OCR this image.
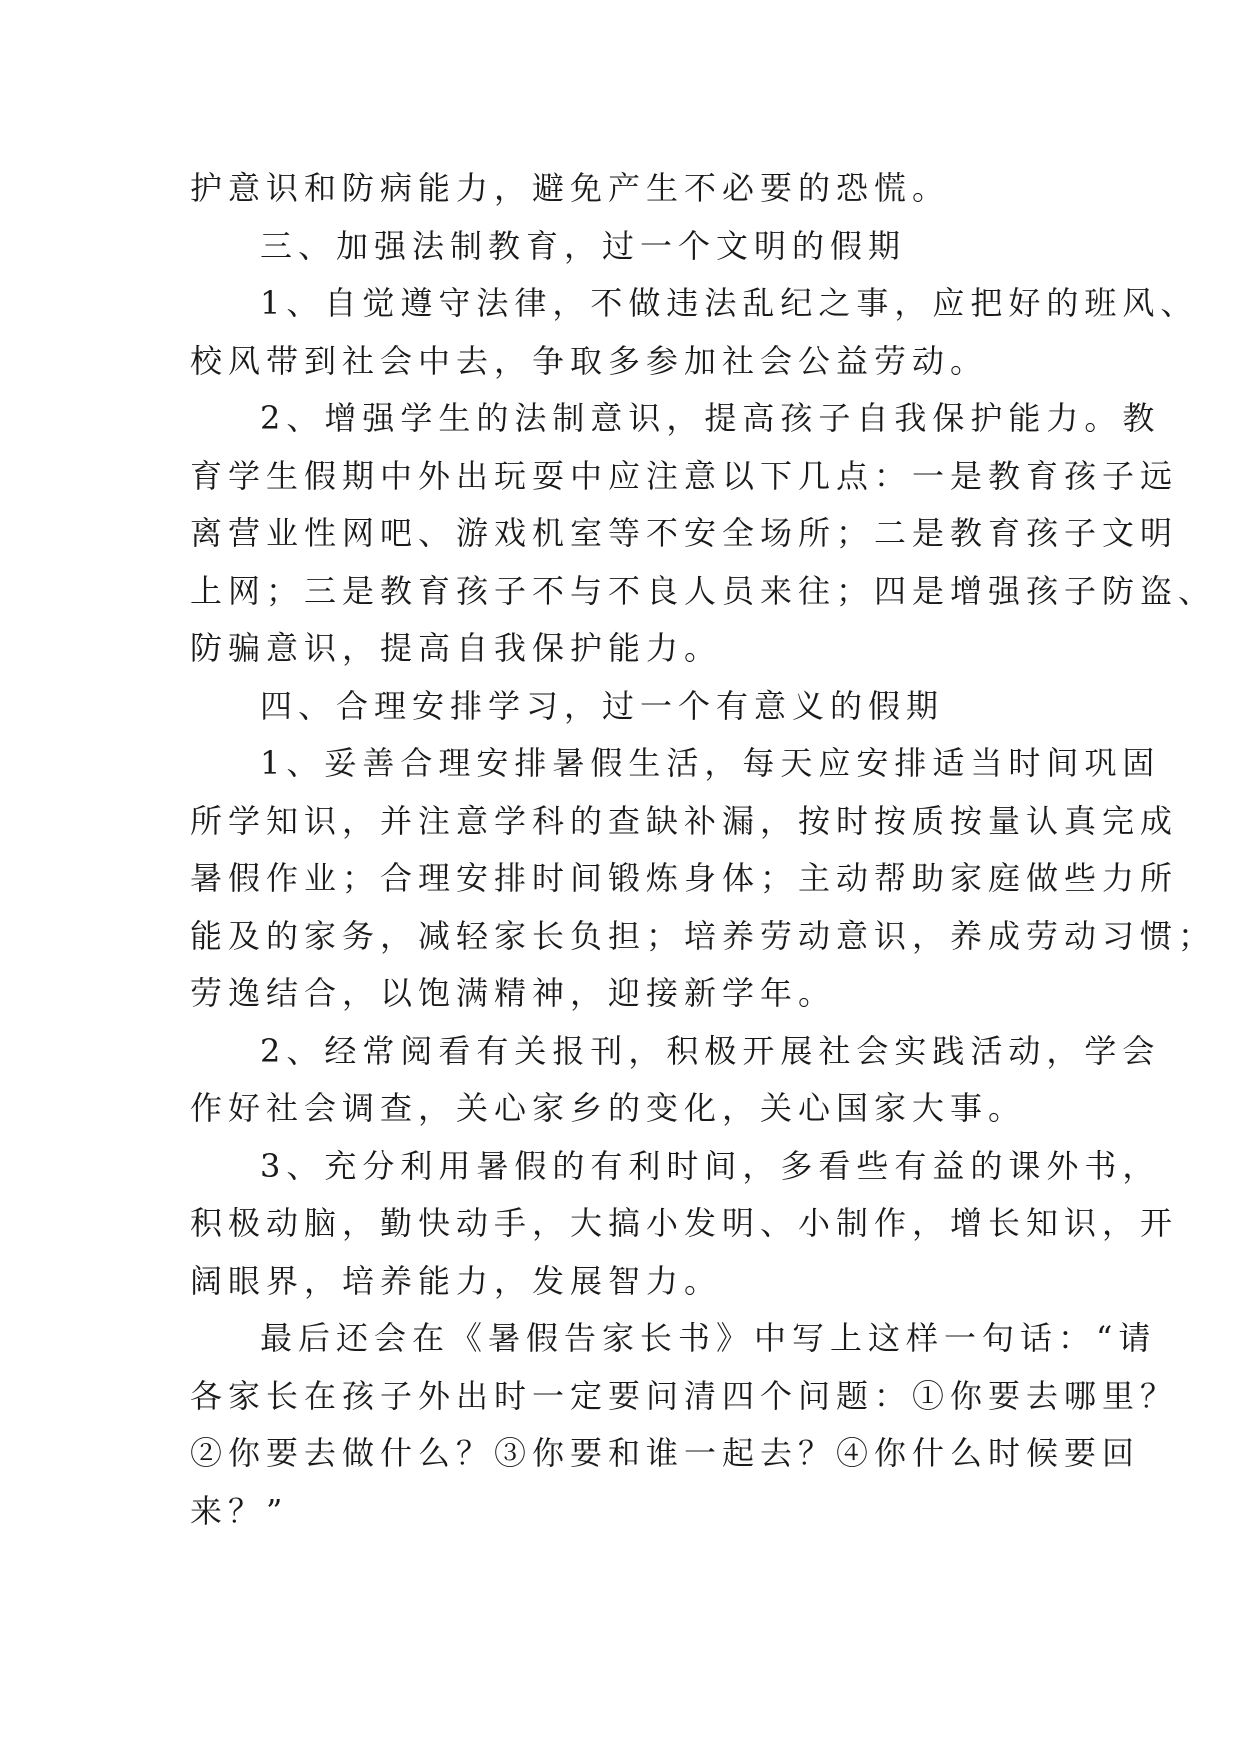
护意识和防病能力，避免产生不必要的恐慌。
三、加强法制教育，过一个文明的假期
1、自觉遵守法律，不做违法乱纪之事，应把好的班风、
校风带到社会中去，争取多参加社会公益劳动。
2、增强学生的法制意识，提高孩子自我保护能力。教
育学生假期中外出玩耍中应注意以下几点：一是教育孩子远
离营业性网吧、游戏机室等不安全场所；二是教育孩子文明
上网；三是教育孩子不与不良人员来往；四是增强孩子防盗、
防骗意识，提高自我保护能力。
四、合理安排学习，过一个有意义的假期
1、妥善合理安排暑假生活，每天应安排适当时间巩固
所学知识，并注意学科的查缺补漏，按时按质按量认真完成
暑假作业；合理安排时间锻炼身体；主动帮助家庭做些力所
能及的家务，减轻家长负担；培养劳动意识，养成劳动习惯；
劳逸结合，以饱满精神，迎接新学年。
2、经常阅看有关报刊，积极开展社会实践活动，学会
作好社会调查，关心家乡的变化，关心国家大事。
3、充分利用暑假的有利时间，多看些有益的课外书，
积极动脑，勤快动手，大搞小发明、小制作，增长知识，开
阔眼界，培养能力，发展智力。
最后还会在《暑假告家长书》中写上这样一句话：“请
各家长在孩子外出时一定要问清四个问题：①你要去哪里？
②你要去做什么？③你要和谁一起去？④你什么时候要回
来？”
